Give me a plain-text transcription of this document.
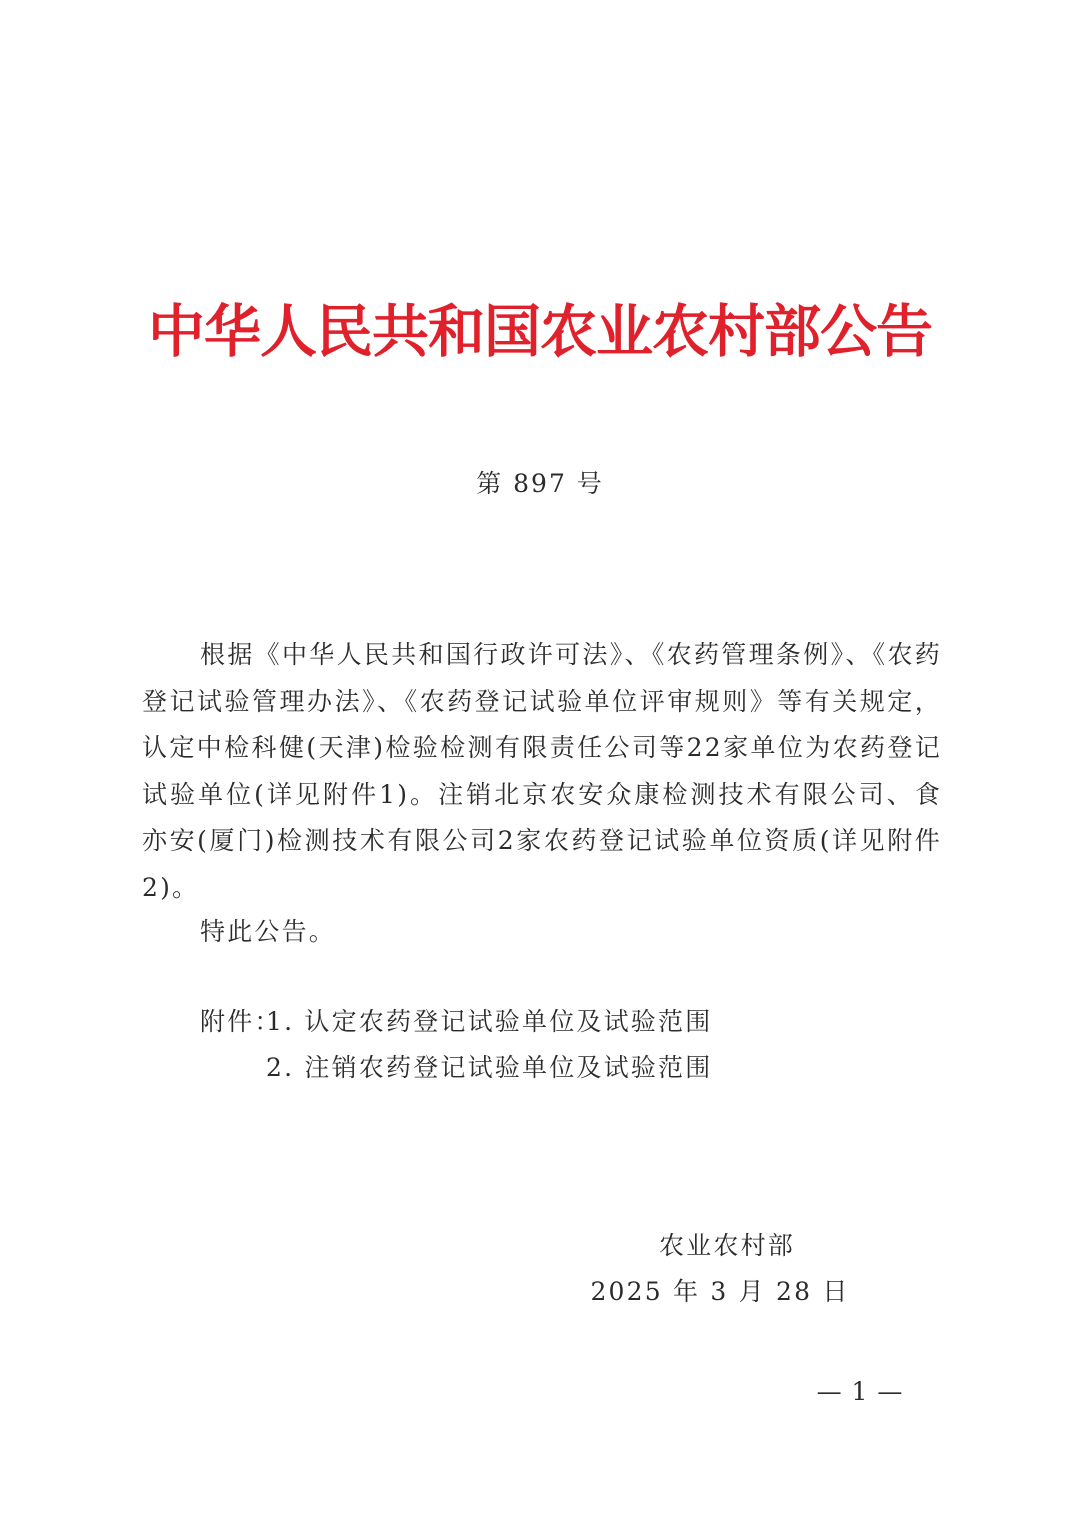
中华人民共和国农业农村部公告
第 897 号

根据《中华人民共和国行政许可法》、《农药管理条例》、《农药登记试验管理办法》、《农药登记试验单位评审规则》等有关规定，认定中检科健(天津)检验检测有限责任公司等22家单位为农药登记试验单位(详见附件1)。注销北京农安众康检测技术有限公司、食亦安(厦门)检测技术有限公司2家农药登记试验单位资质(详见附件2)。

特此公告。
附件：
1. 认定农药登记试验单位及试验范围
2. 注销农药登记试验单位及试验范围
农业农村部
2025 年 3 月 28 日
— 1 —
